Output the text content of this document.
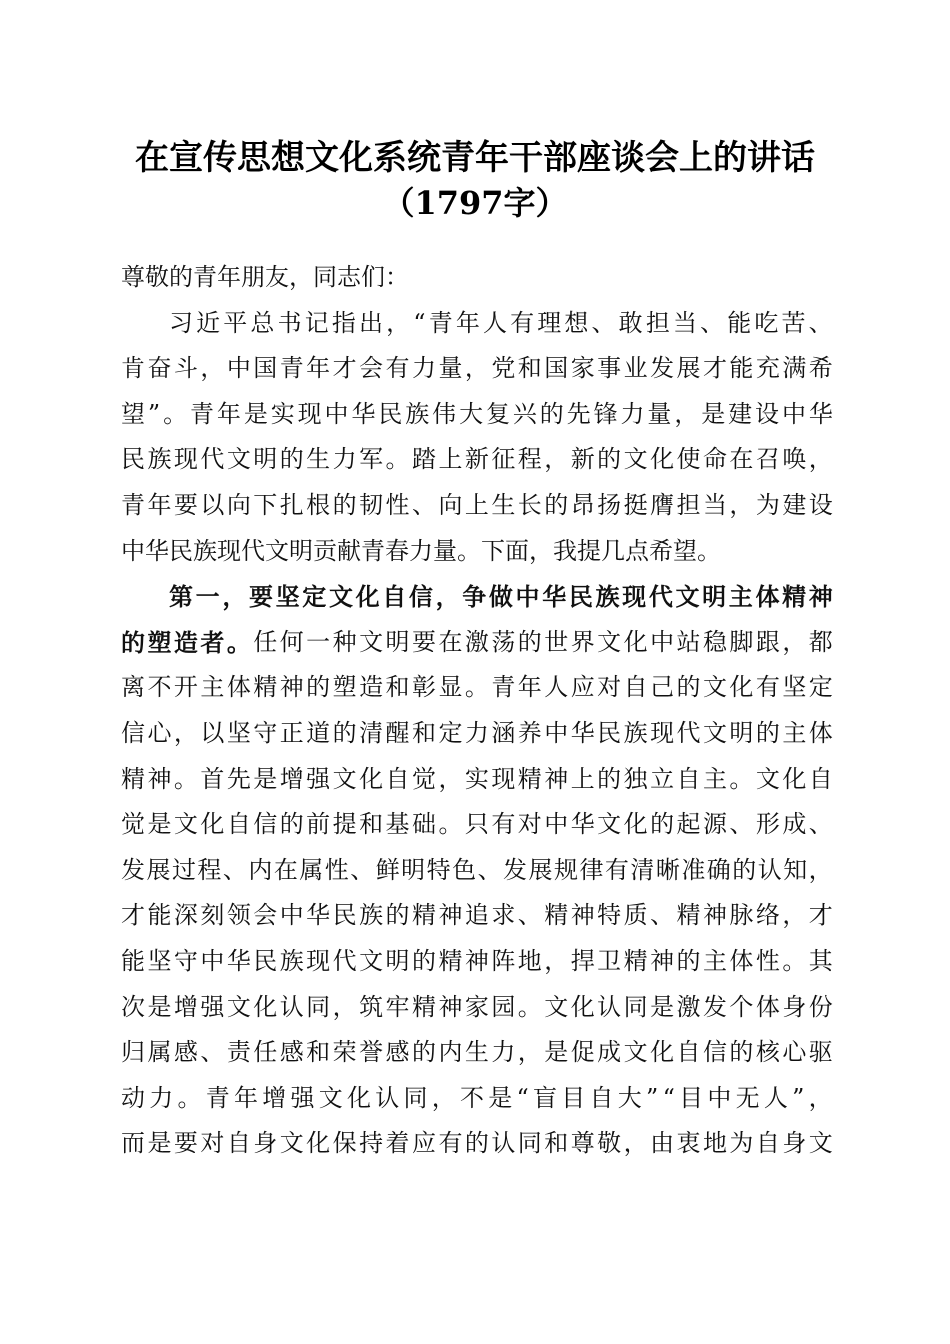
在宣传思想文化系统青年干部座谈会上的讲话
（1797字）
尊敬的青年朋友，同志们：
习 近 平 总 书 记 指 出 ， “ 青 年 人 有 理 想 、 敢 担 当 、 能 吃 苦 、
肯 奋 斗 ， 中 国 青 年 才 会 有 力 量 ， 党 和 国 家 事 业 发 展 才 能 充 满 希
望 ” 。 青 年 是 实 现 中 华 民 族 伟 大 复 兴 的 先 锋 力 量 ， 是 建 设 中 华
民 族 现 代 文 明 的 生 力 军 。 踏 上 新 征 程 ， 新 的 文 化 使 命 在 召 唤 ，
青 年 要 以 向 下 扎 根 的 韧 性 、 向 上 生 长 的 昂 扬 挺 膺 担 当 ， 为 建 设
中 华 民 族 现 代 文 明 贡 献 青 春 力 量 。 下 面 ， 我 提 几 点 希 望 。
第 一 ， 要 坚 定 文 化 自 信 ， 争 做 中 华 民 族 现 代 文 明 主 体 精 神
的 塑 造 者 。 任 何 一 种 文 明 要 在 激 荡 的 世 界 文 化 中 站 稳 脚 跟 ， 都
离 不 开 主 体 精 神 的 塑 造 和 彰 显 。 青 年 人 应 对 自 己 的 文 化 有 坚 定
信 心 ， 以 坚 守 正 道 的 清 醒 和 定 力 涵 养 中 华 民 族 现 代 文 明 的 主 体
精 神 。 首 先 是 增 强 文 化 自 觉 ， 实 现 精 神 上 的 独 立 自 主 。 文 化 自
觉 是 文 化 自 信 的 前 提 和 基 础 。 只 有 对 中 华 文 化 的 起 源 、 形 成 、
发 展 过 程 、 内 在 属 性 、 鲜 明 特 色 、 发 展 规 律 有 清 晰 准 确 的 认 知 ，
才 能 深 刻 领 会 中 华 民 族 的 精 神 追 求 、 精 神 特 质 、 精 神 脉 络 ， 才
能 坚 守 中 华 民 族 现 代 文 明 的 精 神 阵 地 ， 捍 卫 精 神 的 主 体 性 。 其
次 是 增 强 文 化 认 同 ， 筑 牢 精 神 家 园 。 文 化 认 同 是 激 发 个 体 身 份
归 属 感 、 责 任 感 和 荣 誉 感 的 内 生 力 ， 是 促 成 文 化 自 信 的 核 心 驱
动 力 。 青 年 增 强 文 化 认 同 ， 不 是 “ 盲 目 自 大 ” “ 目 中 无 人 ” ，
而 是 要 对 自 身 文 化 保 持 着 应 有 的 认 同 和 尊 敬 ， 由 衷 地 为 自 身 文
